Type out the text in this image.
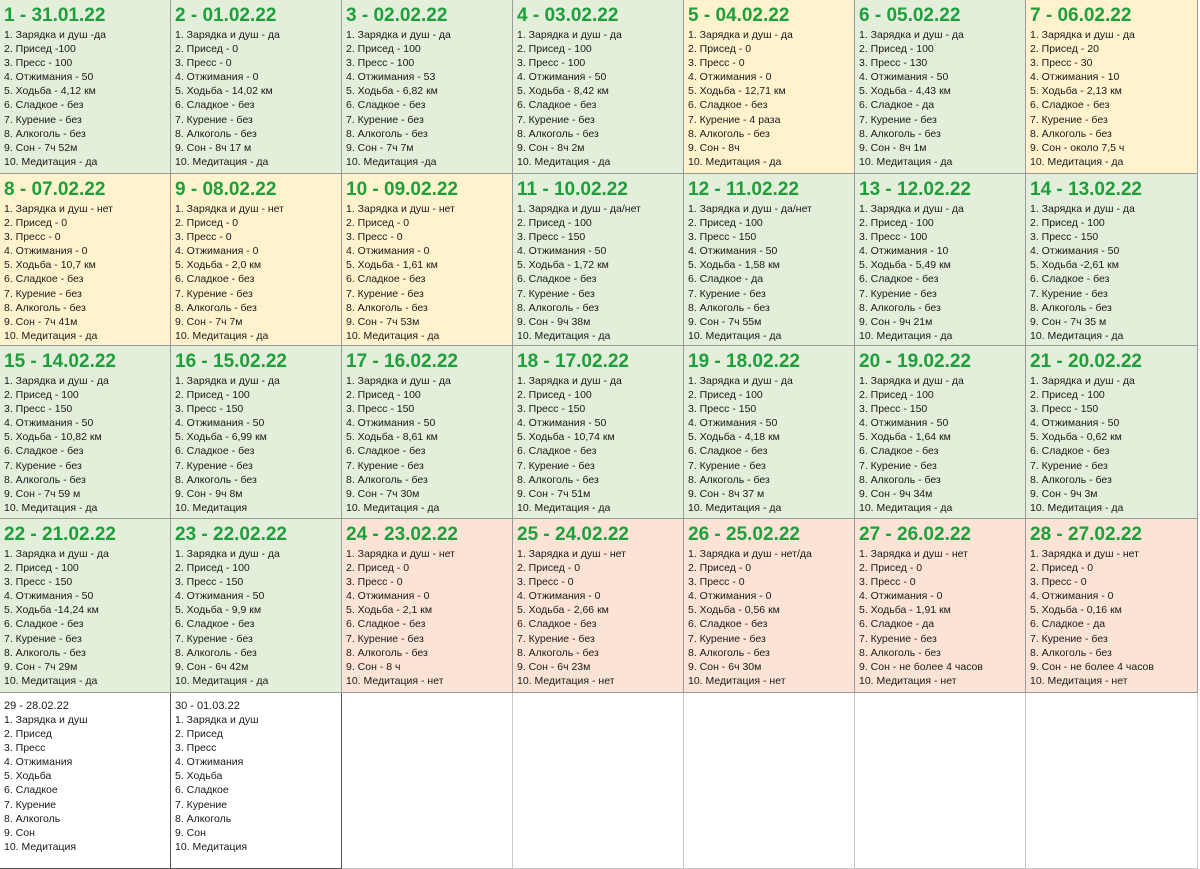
1 - 31.01.22
1. Зарядка и душ -да
2. Присед -100
3. Пресс - 100
4. Отжимания - 50
5. Ходьба - 4,12 км
6. Сладкое - без
7. Курение - без
8. Алкоголь - без
9. Сон - 7ч 52м
10. Медитация - да
2 - 01.02.22
1. Зарядка и душ - да
2. Присед - 0
3. Пресс - 0
4. Отжимания - 0
5. Ходьба - 14,02 км
6. Сладкое - без
7. Курение - без
8. Алкоголь - без
9. Сон - 8ч 17 м
10. Медитация - да
3 - 02.02.22
1. Зарядка и душ - да
2. Присед - 100
3. Пресс - 100
4. Отжимания - 53
5. Ходьба - 6,82 км
6. Сладкое - без
7. Курение - без
8. Алкоголь - без
9. Сон - 7ч 7м
10. Медитация -да
4 - 03.02.22
1. Зарядка и душ - да
2. Присед - 100
3. Пресс - 100
4. Отжимания - 50
5. Ходьба - 8,42 км
6. Сладкое - без
7. Курение - без
8. Алкоголь - без
9. Сон - 8ч 2м
10. Медитация - да
5 - 04.02.22
1. Зарядка и душ - да
2. Присед - 0
3. Пресс - 0
4. Отжимания - 0
5. Ходьба - 12,71 км
6. Сладкое - без
7. Курение - 4 раза
8. Алкоголь - без
9. Сон - 8ч
10. Медитация - да
6 - 05.02.22
1. Зарядка и душ - да
2. Присед - 100
3. Пресс - 130
4. Отжимания - 50
5. Ходьба - 4,43 км
6. Сладкое - да
7. Курение - без
8. Алкоголь - без
9. Сон - 8ч 1м
10. Медитация - да
7 - 06.02.22
1. Зарядка и душ - да
2. Присед - 20
3. Пресс - 30
4. Отжимания - 10
5. Ходьба - 2,13 км
6. Сладкое - без
7. Курение - без
8. Алкоголь - без
9. Сон - около 7,5 ч
10. Медитация - да
8 - 07.02.22
1. Зарядка и душ - нет
2. Присед - 0
3. Пресс - 0
4. Отжимания - 0
5. Ходьба - 10,7 км
6. Сладкое - без
7. Курение - без
8. Алкоголь - без
9. Сон - 7ч 41м
10. Медитация - да
9 - 08.02.22
1. Зарядка и душ - нет
2. Присед - 0
3. Пресс - 0
4. Отжимания - 0
5. Ходьба - 2,0 км
6. Сладкое - без
7. Курение - без
8. Алкоголь - без
9. Сон - 7ч 7м
10. Медитация - да
10 - 09.02.22
1. Зарядка и душ - нет
2. Присед - 0
3. Пресс - 0
4. Отжимания - 0
5. Ходьба - 1,61 км
6. Сладкое - без
7. Курение - без
8. Алкоголь - без
9. Сон - 7ч 53м
10. Медитация - да
11 - 10.02.22
1. Зарядка и душ - да/нет
2. Присед - 100
3. Пресс - 150
4. Отжимания - 50
5. Ходьба - 1,72 км
6. Сладкое - без
7. Курение - без
8. Алкоголь - без
9. Сон - 9ч 38м
10. Медитация - да
12 - 11.02.22
1. Зарядка и душ - да/нет
2. Присед - 100
3. Пресс - 150
4. Отжимания - 50
5. Ходьба - 1,58 км
6. Сладкое - да
7. Курение - без
8. Алкоголь - без
9. Сон - 7ч 55м
10. Медитация - да
13 - 12.02.22
1. Зарядка и душ - да
2. Присед - 100
3. Пресс - 100
4. Отжимания - 10
5. Ходьба - 5,49 км
6. Сладкое - без
7. Курение - без
8. Алкоголь - без
9. Сон - 9ч 21м
10. Медитация - да
14 - 13.02.22
1. Зарядка и душ - да
2. Присед - 100
3. Пресс - 150
4. Отжимания - 50
5. Ходьба -2,61 км
6. Сладкое - без
7. Курение - без
8. Алкоголь - без
9. Сон - 7ч 35 м
10. Медитация - да
15 - 14.02.22
1. Зарядка и душ - да
2. Присед - 100
3. Пресс - 150
4. Отжимания - 50
5. Ходьба - 10,82 км
6. Сладкое - без
7. Курение - без
8. Алкоголь - без
9. Сон - 7ч 59 м
10. Медитация - да
16 - 15.02.22
1. Зарядка и душ - да
2. Присед - 100
3. Пресс - 150
4. Отжимания - 50
5. Ходьба - 6,99 км
6. Сладкое - без
7. Курение - без
8. Алкоголь - без
9. Сон - 9ч 8м
10. Медитация
17 - 16.02.22
1. Зарядка и душ - да
2. Присед - 100
3. Пресс - 150
4. Отжимания - 50
5. Ходьба - 8,61 км
6. Сладкое - без
7. Курение - без
8. Алкоголь - без
9. Сон - 7ч 30м
10. Медитация - да
18 - 17.02.22
1. Зарядка и душ - да
2. Присед - 100
3. Пресс - 150
4. Отжимания - 50
5. Ходьба - 10,74 км
6. Сладкое - без
7. Курение - без
8. Алкоголь - без
9. Сон - 7ч 51м
10. Медитация - да
19 - 18.02.22
1. Зарядка и душ - да
2. Присед - 100
3. Пресс - 150
4. Отжимания - 50
5. Ходьба - 4,18 км
6. Сладкое - без
7. Курение - без
8. Алкоголь - без
9. Сон - 8ч 37 м
10. Медитация - да
20 - 19.02.22
1. Зарядка и душ - да
2. Присед - 100
3. Пресс - 150
4. Отжимания - 50
5. Ходьба - 1,64 км
6. Сладкое - без
7. Курение - без
8. Алкоголь - без
9. Сон - 9ч 34м
10. Медитация - да
21 - 20.02.22
1. Зарядка и душ - да
2. Присед - 100
3. Пресс - 150
4. Отжимания - 50
5. Ходьба - 0,62 км
6. Сладкое - без
7. Курение - без
8. Алкоголь - без
9. Сон - 9ч 3м
10. Медитация - да
22 - 21.02.22
1. Зарядка и душ - да
2. Присед - 100
3. Пресс - 150
4. Отжимания - 50
5. Ходьба -14,24 км
6. Сладкое - без
7. Курение - без
8. Алкоголь - без
9. Сон - 7ч 29м
10. Медитация - да
23 - 22.02.22
1. Зарядка и душ - да
2. Присед - 100
3. Пресс - 150
4. Отжимания - 50
5. Ходьба - 9,9 км
6. Сладкое - без
7. Курение - без
8. Алкоголь - без
9. Сон - 6ч 42м
10. Медитация - да
24 - 23.02.22
1. Зарядка и душ - нет
2. Присед - 0
3. Пресс - 0
4. Отжимания - 0
5. Ходьба - 2,1 км
6. Сладкое - без
7. Курение - без
8. Алкоголь - без
9. Сон - 8 ч
10. Медитация - нет
25 - 24.02.22
1. Зарядка и душ - нет
2. Присед - 0
3. Пресс - 0
4. Отжимания - 0
5. Ходьба - 2,66 км
6. Сладкое - без
7. Курение - без
8. Алкоголь - без
9. Сон - 6ч 23м
10. Медитация - нет
26 - 25.02.22
1. Зарядка и душ - нет/да
2. Присед - 0
3. Пресс - 0
4. Отжимания - 0
5. Ходьба - 0,56 км
6. Сладкое - без
7. Курение - без
8. Алкоголь - без
9. Сон - 6ч 30м
10. Медитация - нет
27 - 26.02.22
1. Зарядка и душ - нет
2. Присед - 0
3. Пресс - 0
4. Отжимания - 0
5. Ходьба - 1,91 км
6. Сладкое - да
7. Курение - без
8. Алкоголь - без
9. Сон - не более 4 часов
10. Медитация - нет
28 - 27.02.22
1. Зарядка и душ - нет
2. Присед - 0
3. Пресс - 0
4. Отжимания - 0
5. Ходьба - 0,16 км
6. Сладкое - да
7. Курение - без
8. Алкоголь - без
9. Сон - не более 4 часов
10. Медитация - нет
29 - 28.02.22
1. Зарядка и душ
2. Присед
3. Пресс
4. Отжимания
5. Ходьба
6. Сладкое
7. Курение
8. Алкоголь
9. Сон
10. Медитация
30 - 01.03.22
1. Зарядка и душ
2. Присед
3. Пресс
4. Отжимания
5. Ходьба
6. Сладкое
7. Курение
8. Алкоголь
9. Сон
10. Медитация
